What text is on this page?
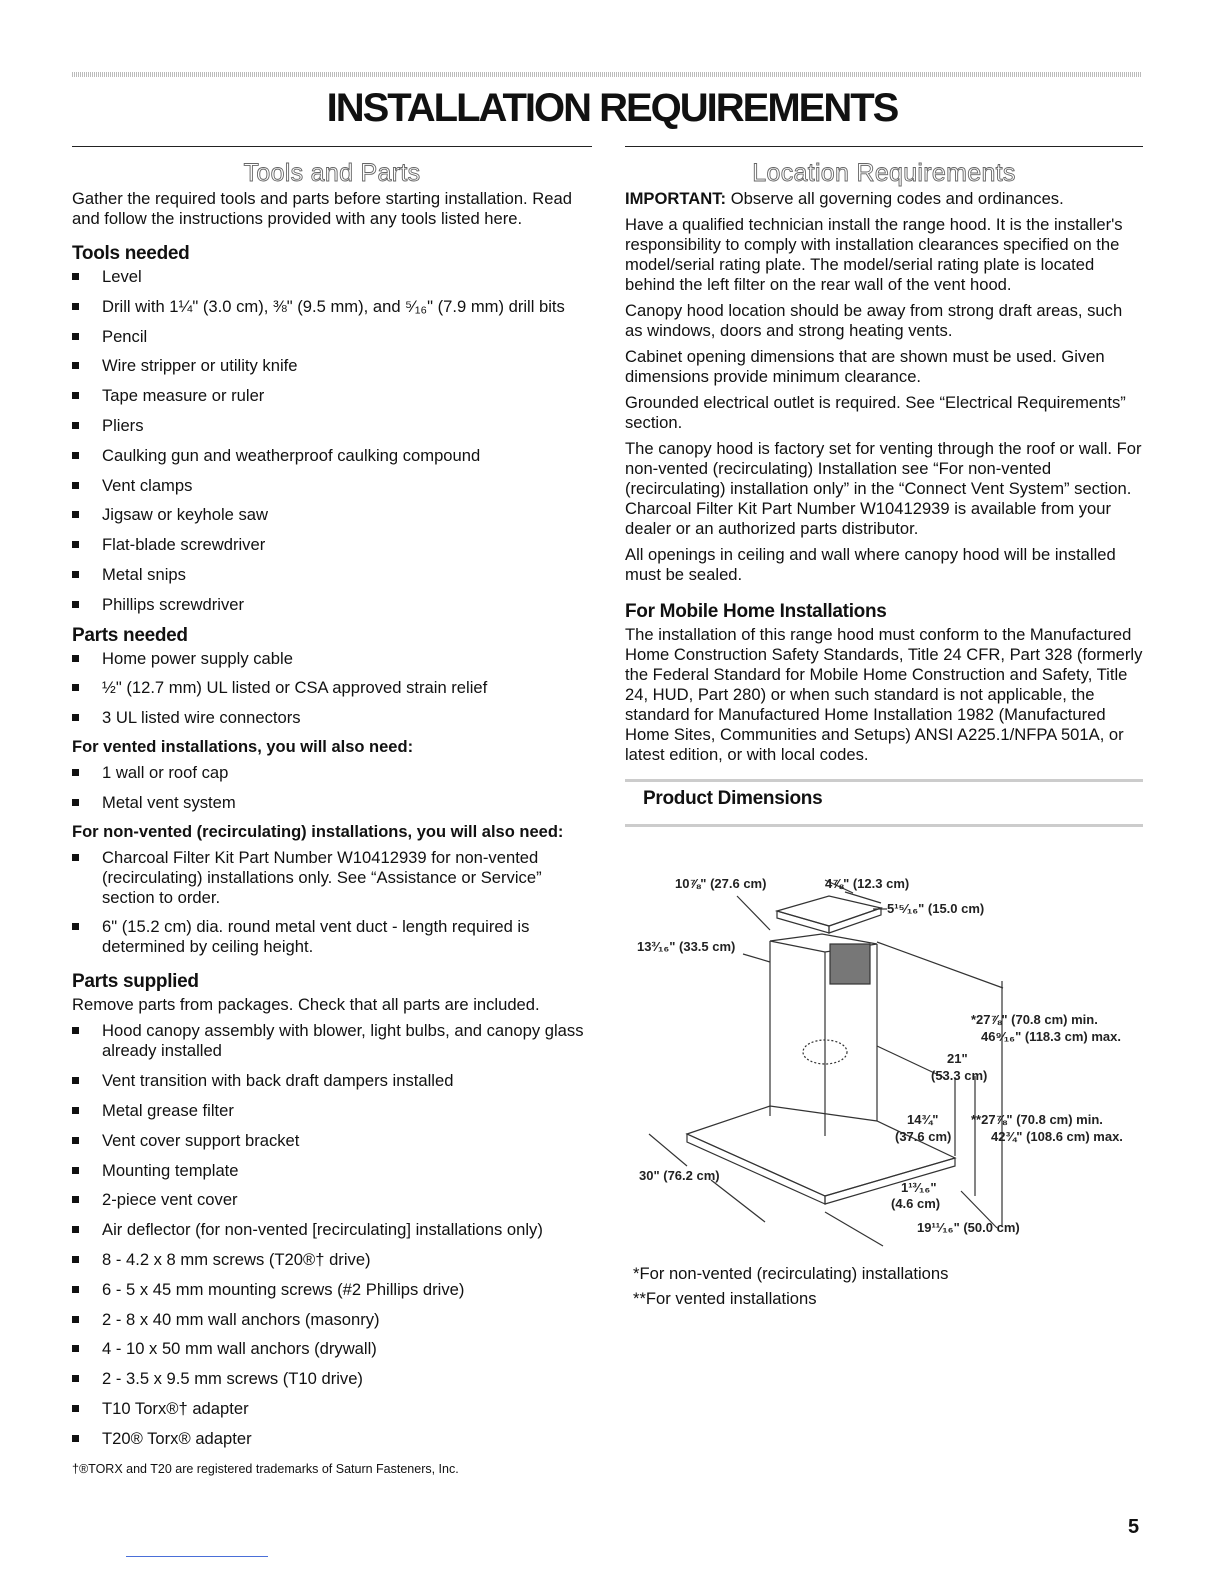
INSTALLATION REQUIREMENTS
Tools and Parts

Gather the required tools and parts before starting installation. Read and follow the instructions provided with any tools listed here.

Tools needed
Level
Drill with 1¼" (3.0 cm), ⅜" (9.5 mm), and ⁵⁄₁₆" (7.9 mm) drill bits
Pencil
Wire stripper or utility knife
Tape measure or ruler
Pliers
Caulking gun and weatherproof caulking compound
Vent clamps
Jigsaw or keyhole saw
Flat-blade screwdriver
Metal snips
Phillips screwdriver
Parts needed
Home power supply cable
½" (12.7 mm) UL listed or CSA approved strain relief
3 UL listed wire connectors
For vented installations, you will also need:
1 wall or roof cap
Metal vent system
For non-vented (recirculating) installations, you will also need:
Charcoal Filter Kit Part Number W10412939 for non-vented (recirculating) installations only. See “Assistance or Service” section to order.
6" (15.2 cm) dia. round metal vent duct - length required is determined by ceiling height.
Parts supplied

Remove parts from packages. Check that all parts are included.

Hood canopy assembly with blower, light bulbs, and canopy glass already installed
Vent transition with back draft dampers installed
Metal grease filter
Vent cover support bracket
Mounting template
2-piece vent cover
Air deflector (for non-vented [recirculating] installations only)
8 - 4.2 x 8 mm screws (T20®† drive)
6 - 5 x 45 mm mounting screws (#2 Phillips drive)
2 - 8 x 40 mm wall anchors (masonry)
4 - 10 x 50 mm wall anchors (drywall)
2 - 3.5 x 9.5 mm screws (T10 drive)
T10 Torx®† adapter
T20® Torx® adapter

†®TORX and T20 are registered trademarks of Saturn Fasteners, Inc.

Location Requirements

IMPORTANT: Observe all governing codes and ordinances.

Have a qualified technician install the range hood. It is the installer's responsibility to comply with installation clearances specified on the model/serial rating plate. The model/serial rating plate is located behind the left filter on the rear wall of the vent hood.

Canopy hood location should be away from strong draft areas, such as windows, doors and strong heating vents.

Cabinet opening dimensions that are shown must be used. Given dimensions provide minimum clearance.

Grounded electrical outlet is required. See “Electrical Requirements” section.

The canopy hood is factory set for venting through the roof or wall. For non-vented (recirculating) Installation see “For non-vented (recirculating) installation only” in the “Connect Vent System” section. Charcoal Filter Kit Part Number W10412939 is available from your dealer or an authorized parts distributor.

All openings in ceiling and wall where canopy hood will be installed must be sealed.

For Mobile Home Installations

The installation of this range hood must conform to the Manufactured Home Construction Safety Standards, Title 24 CFR, Part 328 (formerly the Federal Standard for Mobile Home Construction and Safety, Title 24, HUD, Part 280) or when such standard is not applicable, the standard for Manufactured Home Installation 1982 (Manufactured Home Sites, Communities and Setups) ANSI A225.1/NFPA 501A, or latest edition, or with local codes.

Product Dimensions
10⅞" (27.6 cm)	4⅞" (12.3 cm)
5¹⁵⁄₁₆" (15.0 cm)
13³⁄₁₆" (33.5 cm)
*27⅞" (70.8 cm) min.
46⁹⁄₁₆" (118.3 cm) max.
21"
(53.3 cm)
14¾"
(37.6 cm)
**27⅞" (70.8 cm) min.
42¾" (108.6 cm) max.
30" (76.2 cm)
1¹³⁄₁₆"
(4.6 cm)
19¹¹⁄₁₆" (50.0 cm)

*For non-vented (recirculating) installations

**For vented installations

5
